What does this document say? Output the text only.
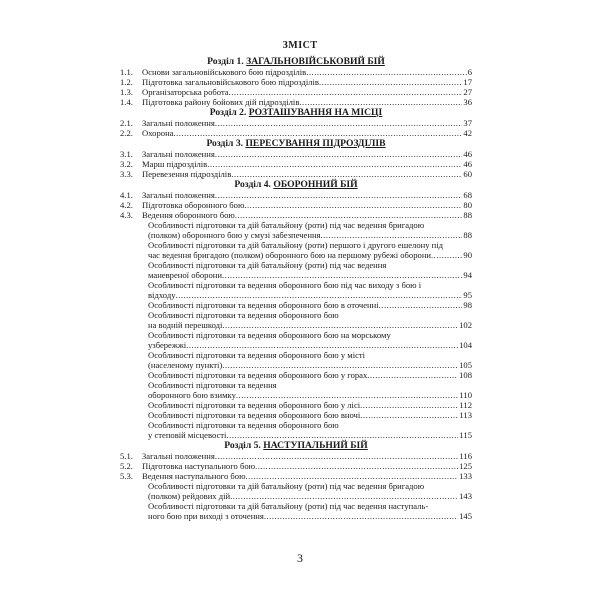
ЗМІСТ
Розділ 1. ЗАГАЛЬНОВІЙСЬКОВИЙ БІЙ
1.1.	Основи загальновійськового бою підрозділів .....	6
1.2.	Підготовка загальновійськового бою підрозділів .....	17
1.3.	Організаторська робота .....	27
1.4.	Підготовка району бойових дій підрозділів .....	36
Розділ 2. РОЗТАШУВАННЯ НА МІСЦІ
2.1.	Загальні положення .....	37
2.2.	Охорона .....	42
Розділ 3. ПЕРЕСУВАННЯ ПІДРОЗДІЛІВ
3.1.	Загальні положення .....	46
3.2.	Марш підрозділів .....	46
3.3.	Перевезення підрозділів .....	60
Розділ 4. ОБОРОННИЙ БІЙ
4.1.	Загальні положення .....	68
4.2.	Підготовка оборонного бою .....	80
4.3.	Ведення оборонного бою .....	88
Особливості підготовки та дій батальйону (роти) під час ведення бригадою
(полком) оборонного бою у смузі забезпечення .....	88
Особливості підготовки та дій батальйону (роти) першого і другого ешелону під
час ведення бригадою (полком) оборонного бою на першому рубежі оборони .....	90
Особливості підготовки та дій батальйону (роти) під час ведення
маневреної оборони .....	94
Особливості підготовки та ведення оборонного бою під час виходу з бою і
відходу .....	95
Особливості підготовки та ведення оборонного бою в оточенні .....	98
Особливості підготовки та ведення оборонного бою
на водній перешкоді .....	102
Особливості підготовки та ведення оборонного бою на морському
узбережжі .....	104
Особливості підготовки та ведення оборонного бою у місті
(населеному пункті) .....	105
Особливості підготовки та ведення оборонного бою у горах .....	108
Особливості підготовки та ведення
оборонного бою взимку .....	110
Особливості підготовки та ведення оборонного бою у лісі .....	112
Особливості підготовки та ведення оборонного бою вночі .....	113
Особливості підготовки та ведення оборонного бою
у степовій місцевості .....	115
Розділ 5. НАСТУПАЛЬНИЙ БІЙ
5.1.	Загальні положення .....	116
5.2.	Підготовка наступального бою .....	125
5.3.	Ведення наступального бою .....	133
Особливості підготовки та дій батальйону (роти) під час ведення бригадою
(полком) рейдових дій .....	143
Особливості підготовки та дій батальйону (роти) під час ведення наступаль-
ного бою при виході з оточення .....	145
3
